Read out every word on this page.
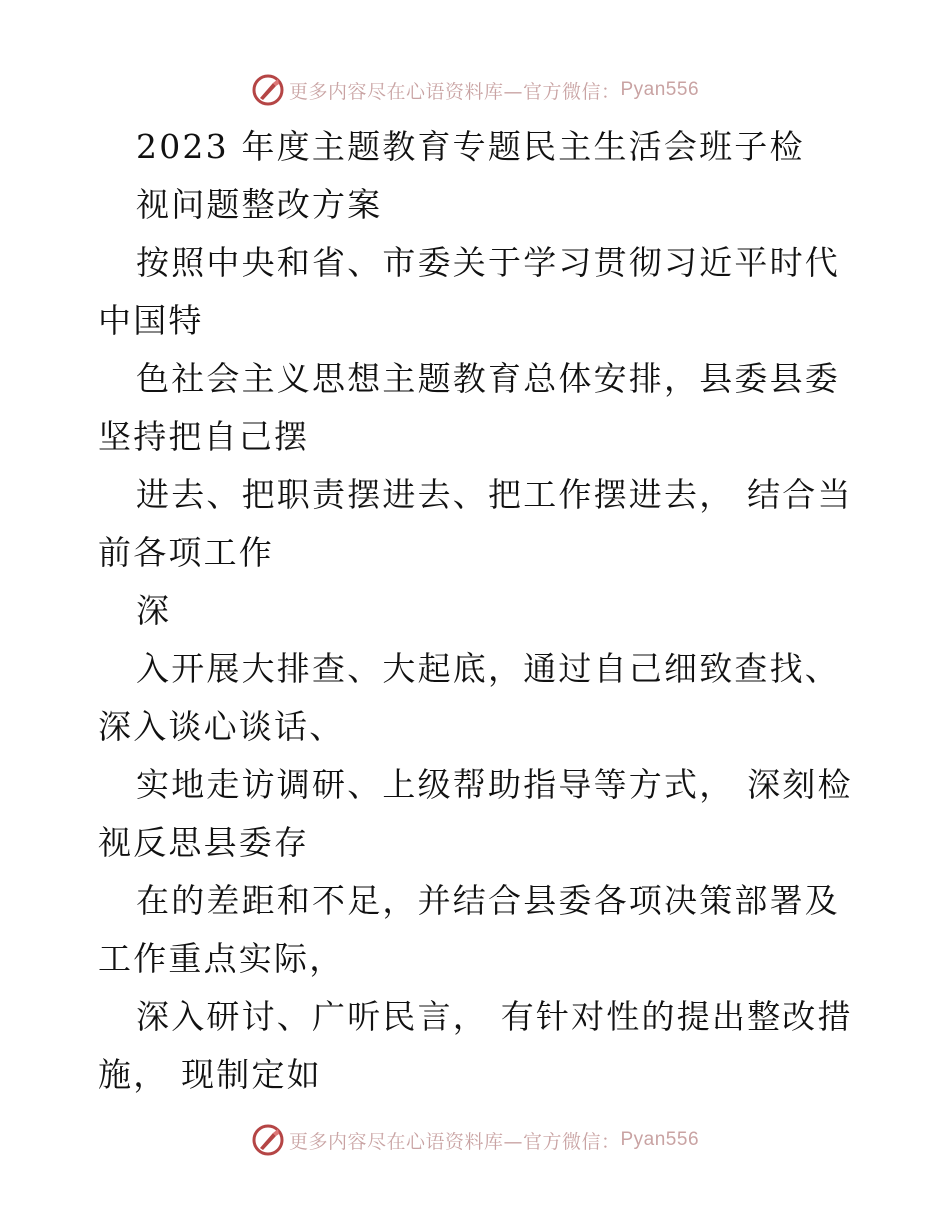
更多内容尽在心语资料库—官方微信： Pyan556

2023 年度主题教育专题民主生活会班子检

视问题整改方案

按照中央和省、市委关于学习贯彻习近平时代中国特

色社会主义思想主题教育总体安排，县委县委坚持把自己摆

进去、把职责摆进去、把工作摆进去， 结合当前各项工作

深

入开展大排查、大起底，通过自己细致查找、深入谈心谈话、

实地走访调研、上级帮助指导等方式， 深刻检视反思县委存

在的差距和不足，并结合县委各项决策部署及工作重点实际，

深入研讨、广听民言， 有针对性的提出整改措施， 现制定如

更多内容尽在心语资料库—官方微信： Pyan556
